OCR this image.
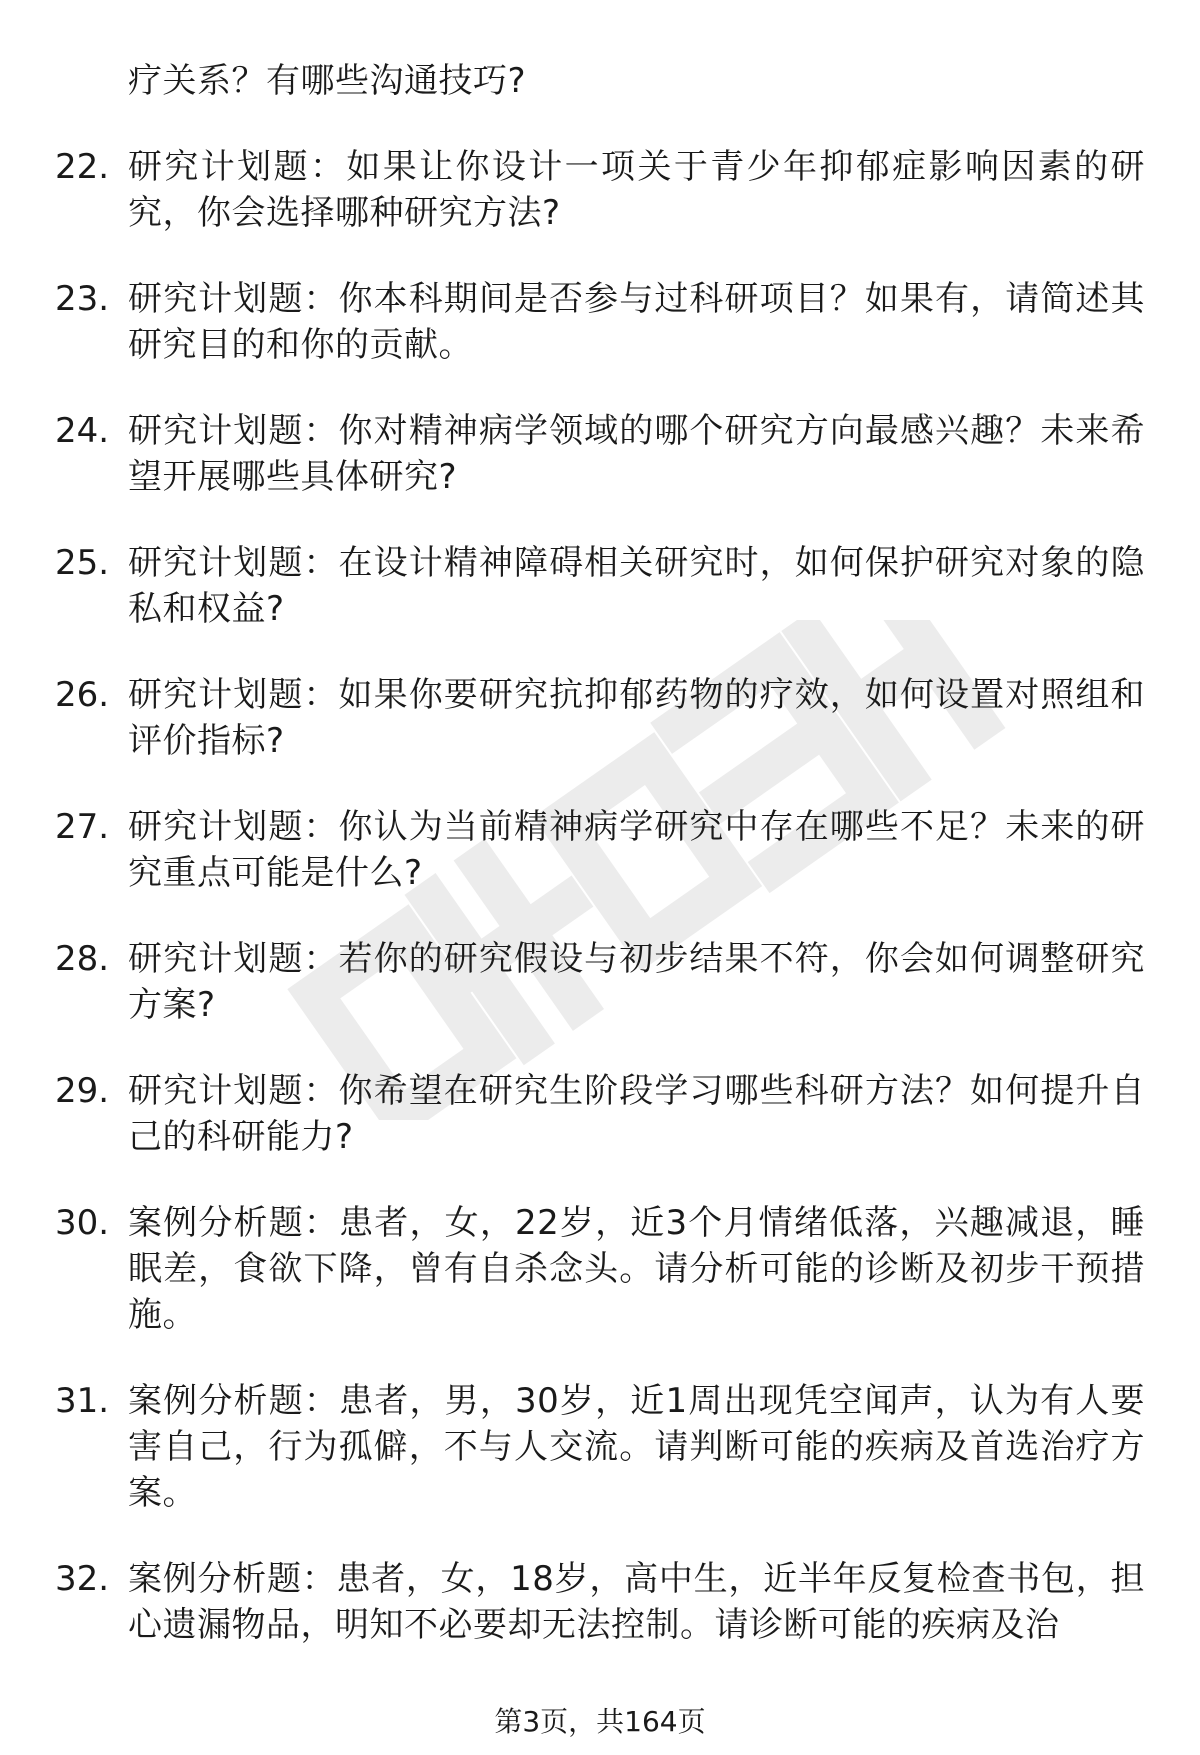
疗关系？有哪些沟通技巧?
22. 研究计划题：如果让你设计一项关于青少年抑郁症影响因素的研究，你会选择哪种研究方法?
23. 研究计划题：你本科期间是否参与过科研项目？如果有，请简述其研究目的和你的贡献。
24. 研究计划题：你对精神病学领域的哪个研究方向最感兴趣？未来希望开展哪些具体研究?
25. 研究计划题：在设计精神障碍相关研究时，如何保护研究对象的隐私和权益?
26. 研究计划题：如果你要研究抗抑郁药物的疗效，如何设置对照组和评价指标?
27. 研究计划题：你认为当前精神病学研究中存在哪些不足？未来的研究重点可能是什么?
28. 研究计划题：若你的研究假设与初步结果不符，你会如何调整研究方案?
29. 研究计划题：你希望在研究生阶段学习哪些科研方法？如何提升自己的科研能力?
30. 案例分析题：患者，女，22岁，近3个月情绪低落，兴趣减退，睡眠差，食欲下降，曾有自杀念头。请分析可能的诊断及初步干预措施。
31. 案例分析题：患者，男，30岁，近1周出现凭空闻声，认为有人要害自己，行为孤僻，不与人交流。请判断可能的疾病及首选治疗方案。
32. 案例分析题：患者，女，18岁，高中生，近半年反复检查书包，担心遗漏物品，明知不必要却无法控制。请诊断可能的疾病及治
第3页，共164页
